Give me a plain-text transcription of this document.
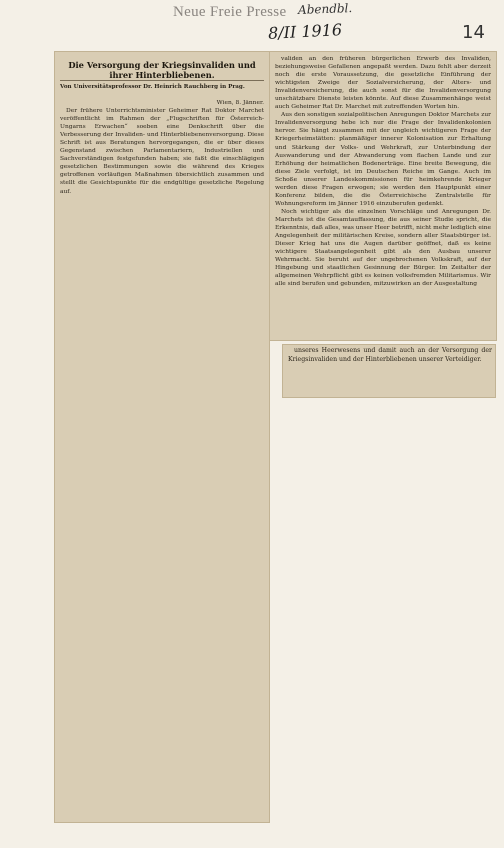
Neue Freie Presse Abendbl.
8/II 1916	14
Die Versorgung der Kriegsinvaliden und
ihrer Hinterbliebenen.
Von Universitätsprofessor Dr. Heinrich Rauchberg in Prag.

Wien, 8. Jänner.

Der frühere Unterrichtsminister Geheimer Rat Doktor Marchet veröffentlicht im Rahmen der „Flugschriften für Österreich-Ungarns Erwachen“ soeben eine Denkschrift über die Verbesserung der Invaliden- und Hinterbliebenenversorgung. Diese Schrift ist aus Beratungen hervorgegangen, die er über dieses Gegenstand zwischen Parlamentariern, Industriellen und Sachverständigen festgefunden haben; sie faßt die einschlägigen gesetzlichen Bestimmungen sowie die während des Krieges getroffenen vorläufigen Maßnahmen übersichtlich zusammen und stellt die Gesichtspunkte für die endgültige gesetzliche Regelung auf.

validen an den früheren bürgerlichen Erwerb des Invaliden, beziehungsweise Gefallenen angepaßt werden. Dazu fehlt aber derzeit noch die erste Voraussetzung, die gesetzliche Einführung der wichtigsten Zweige der Sozialversicherung, der Alters- und Invalidenversicherung, die auch sonst für die Invalidenversorgung unschätzbare Dienste leisten könnte. Auf diese Zusammenhänge weist auch Geheimer Rat Dr. Marchet mit zutreffenden Worten hin.

Aus den sonstigen sozialpolitischen Anregungen Doktor Marchets zur Invalidenversorgung hebe ich nur die Frage der Invalidenkolonien hervor. Sie hängt zusammen mit der ungleich wichtigeren Frage der Kriegerheimstätten: planmäßiger innerer Kolonisation zur Erhaltung und Stärkung der Volks- und Wehrkraft, zur Unterbindung der Auswanderung und der Abwanderung vom flachen Lande und zur Erhöhung der heimatlichen Bodenerträge. Eine breite Bewegung, die diese Ziele verfolgt, ist im Deutschen Reiche im Gange. Auch im Schoße unserer Landeskommissionen für heimkehrende Krieger werden diese Fragen erwogen; sie werden den Hauptpunkt einer Konferenz bilden, die die Österreichische Zentralstelle für Wohnungsreform im Jänner 1916 einzuberufen gedenkt.

Noch wichtiger als die einzelnen Vorschläge und Anregungen Dr. Marchets ist die Gesamtauffassung, die aus seiner Studie spricht, die Erkenntnis, daß alles, was unser Heer betrifft, nicht mehr lediglich eine Angelegenheit der militärischen Kreise, sondern aller Staatsbürger ist. Dieser Krieg hat uns die Augen darüber geöffnet, daß es keine wichtigere Staatsangelegenheit gibt als den Ausbau unserer Wehrmacht. Sie beruht auf der ungebrochenen Volkskraft, auf der Hingebung und staatlichen Gesinnung der Bürger. Im Zeitalter der allgemeinen Wehrpflicht gibt es keinen volksfremden Militarismus. Wir alle sind berufen und gebunden, mitzuwirken an der Ausgestaltung

unseres Heerwesens und damit auch an der Versorgung der Kriegsinvaliden und der Hinterbliebenen unserer Verteidiger.
